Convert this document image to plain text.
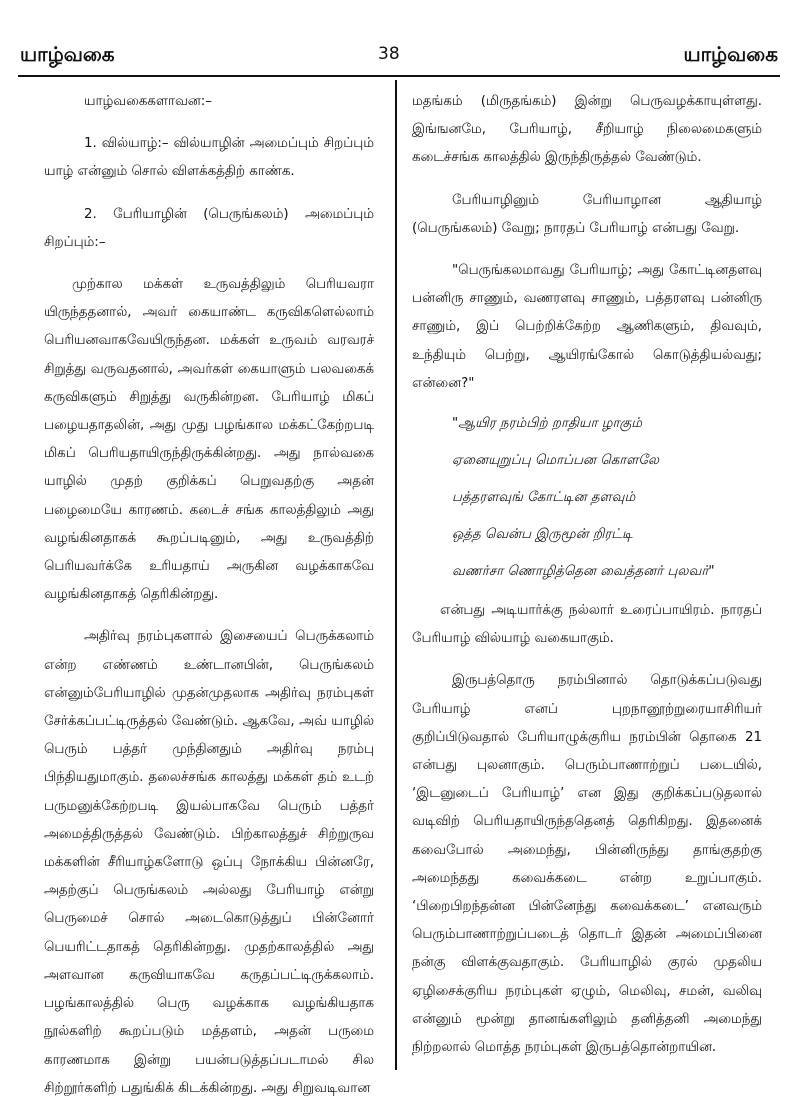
யாழ்வகை	38	யாழ்வகை

யாழ்வகைகளாவன:–

1. வில்யாழ்:– வில்யாழின் அமைப்பும் சிறப்பும் யாழ் என்னும் சொல் விளக்கத்திற் காண்க.

2. பேரியாழின் (பெருங்கலம்) அமைப்பும் சிறப்பும்:–

முற்கால மக்கள் உருவத்திலும் பெரியவரா யிருந்ததனால், அவர் கையாண்ட கருவிகளெல்லாம் பெரியனவாகவேயிருந்தன. மக்கள் உருவம் வரவரச் சிறுத்து வருவதனால், அவர்கள் கையாளும் பலவகைக் கருவிகளும் சிறுத்து வருகின்றன. பேரியாழ் மிகப் பழையதாதலின், அது முது பழங்கால மக்கட்கேற்றபடி மிகப் பெரியதாயிருந்திருக்கின்றது. அது நால்வகை யாழில் முதற் குறிக்கப் பெறுவதற்கு அதன் பழைமையே காரணம். கடைச் சங்க காலத்திலும் அது வழங்கினதாகக் கூறப்படினும், அது உருவத்திற் பெரியவர்க்கே உரியதாய் அருகின வழக்காகவே வழங்கினதாகத் தெரிகின்றது.

அதிர்வு நரம்புகளால் இசையைப் பெருக்கலாம் என்ற எண்ணம் உண்டானபின், பெருங்கலம் என்னும்பேரியாழில் முதன்முதலாக அதிர்வு நரம்புகள் சேர்க்கப்பட்டிருத்தல் வேண்டும். ஆகவே, அவ் யாழில் பெரும் பத்தர் முந்தினதும் அதிர்வு நரம்பு பிந்தியதுமாகும். தலைச்சங்க காலத்து மக்கள் தம் உடற் பருமனுக்கேற்றபடி இயல்பாகவே பெரும் பத்தர் அமைத்திருத்தல் வேண்டும். பிற்காலத்துச் சிற்றுருவ மக்களின் சீரியாழ்களோடு ஒப்பு நோக்கிய பின்னரே, அதற்குப் பெருங்கலம் அல்லது பேரியாழ் என்று பெருமைச் சொல் அடைகொடுத்துப் பின்னோர் பெயரிட்டதாகத் தெரிகின்றது. முதற்காலத்தில் அது அளவான கருவியாகவே கருதப்பட்டிருக்கலாம். பழங்காலத்தில் பெரு வழக்காக வழங்கியதாக நூல்களிற் கூறப்படும் மத்தளம், அதன் பருமை காரணமாக இன்று பயன்படுத்தப்படாமல் சில சிற்றூர்களிற் பதுங்கிக் கிடக்கின்றது. அது சிறுவடிவான

மதங்கம் (மிருதங்கம்) இன்று பெருவழக்காயுள்ளது. இங்ஙனமே, பேரியாழ், சீறியாழ் நிலைமைகளும் கடைச்சங்க காலத்தில் இருந்திருத்தல் வேண்டும்.

பேரியாழினும் பேரியாழான ஆதியாழ் (பெருங்கலம்) வேறு; நாரதப் பேரியாழ் என்பது வேறு.

"பெருங்கலமாவது பேரியாழ்; அது கோட்டினதளவு பன்னிரு சாணும், வணரளவு சாணும், பத்தரளவு பன்னிரு சாணும், இப் பெற்றிக்கேற்ற ஆணிகளும், திவவும், உந்தியும் பெற்று, ஆயிரங்கோல் கொடுத்தியல்வது; என்னை?"

"ஆயிர நரம்பிற் றாதியா ழாகும்

ஏனையுறுப்பு மொப்பன கொளலே

பத்தரளவுங் கோட்டின தளவும்

ஒத்த வென்ப இருமூன் றிரட்டி

வணர்சா ணொழித்தென வைத்தனர் புலவர்"

என்பது அடியார்க்கு நல்லார் உரைப்பாயிரம். நாரதப் பேரியாழ் வில்யாழ் வகையாகும்.

இருபத்தொரு நரம்பினால் தொடுக்கப்படுவது பேரியாழ் எனப் புறநானூற்றுரையாசிரியர் குறிப்பிடுவதால் பேரியாழுக்குரிய நரம்பின் தொகை 21 என்பது புலனாகும். பெரும்பாணாற்றுப் படையில், ‘இடனுடைப் பேரியாழ்’ என இது குறிக்கப்படுதலால் வடிவிற் பெரியதாயிருந்ததெனத் தெரிகிறது. இதனைக் கவைபோல் அமைந்து, பின்னிருந்து தாங்குதற்கு அமைந்தது கவைக்கடை என்ற உறுப்பாகும். ‘பிறைபிறந்தன்ன பின்னேந்து கவைக்கடை’ எனவரும் பெரும்பாணாற்றுப்படைத் தொடர் இதன் அமைப்பினை நன்கு விளக்குவதாகும். பேரியாழில் குரல் முதலிய ஏழிசைக்குரிய நரம்புகள் ஏழும், மெலிவு, சமன், வலிவு என்னும் மூன்று தானங்களிலும் தனித்தனி அமைந்து நிற்றலால் மொத்த நரம்புகள் இருபத்தொன்றாயின.
